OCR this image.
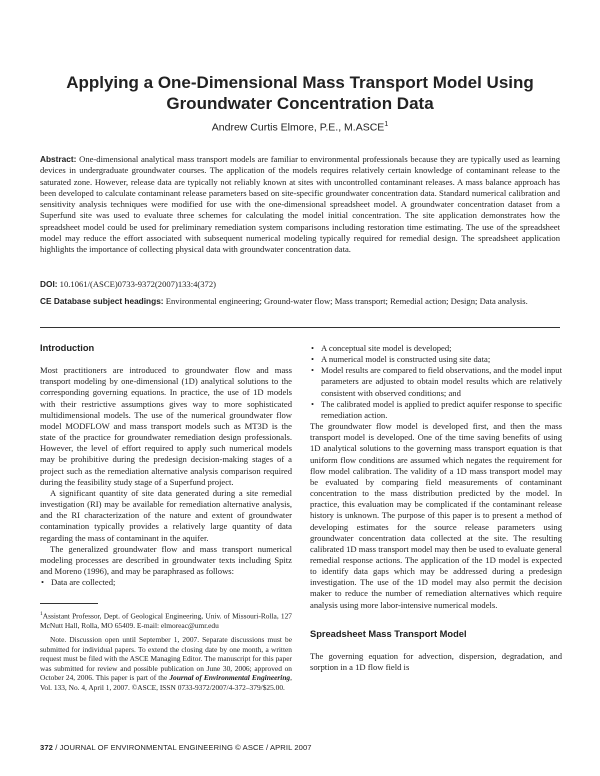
Applying a One-Dimensional Mass Transport Model Using Groundwater Concentration Data
Andrew Curtis Elmore, P.E., M.ASCE$^1$
Abstract: One-dimensional analytical mass transport models are familiar to environmental professionals because they are typically used as learning devices in undergraduate groundwater courses. The application of the models requires relatively certain knowledge of contaminant release to the saturated zone. However, release data are typically not reliably known at sites with uncontrolled contaminant releases. A mass balance approach has been developed to calculate contaminant release parameters based on site-specific groundwater concentration data. Standard numerical calibration and sensitivity analysis techniques were modified for use with the one-dimensional spreadsheet model. A groundwater concentration dataset from a Superfund site was used to evaluate three schemes for calculating the model initial concentration. The site application demonstrates how the spreadsheet model could be used for preliminary remediation system comparisons including restoration time estimating. The use of the spreadsheet model may reduce the effort associated with subsequent numerical modeling typically required for remedial design. The spreadsheet application highlights the importance of collecting physical data with groundwater concentration data.
DOI: 10.1061/(ASCE)0733-9372(2007)133:4(372)
CE Database subject headings: Environmental engineering; Ground-water flow; Mass transport; Remedial action; Design; Data analysis.
Introduction

Most practitioners are introduced to groundwater flow and mass transport modeling by one-dimensional (1D) analytical solutions to the corresponding governing equations. In practice, the use of 1D models with their restrictive assumptions gives way to more sophisticated multidimensional models. The use of the numerical groundwater flow model MODFLOW and mass transport models such as MT3D is the state of the practice for groundwater remediation design professionals. However, the level of effort required to apply such numerical models may be prohibitive during the predesign decision-making stages of a project such as the remediation alternative analysis comparison required during the feasibility study stage of a Superfund project.

A significant quantity of site data generated during a site remedial investigation (RI) may be available for remediation alternative analysis, and the RI characterization of the nature and extent of groundwater contamination typically provides a relatively large quantity of data regarding the mass of contaminant in the aquifer.

The generalized groundwater flow and mass transport numerical modeling processes are described in groundwater texts including Spitz and Moreno (1996), and may be paraphrased as follows:

• Data are collected;

$^1$Assistant Professor, Dept. of Geological Engineering, Univ. of Missouri-Rolla, 127 McNutt Hall, Rolla, MO 65409. E-mail: elmoreac@umr.edu

Note. Discussion open until September 1, 2007. Separate discussions must be submitted for individual papers. To extend the closing date by one month, a written request must be filed with the ASCE Managing Editor. The manuscript for this paper was submitted for review and possible publication on June 30, 2006; approved on October 24, 2006. This paper is part of the Journal of Environmental Engineering, Vol. 133, No. 4, April 1, 2007. ©ASCE, ISSN 0733-9372/2007/4-372–379/$25.00.

• A conceptual site model is developed;
• A numerical model is constructed using site data;
• Model results are compared to field observations, and the model input parameters are adjusted to obtain model results which are relatively consistent with observed conditions; and
• The calibrated model is applied to predict aquifer response to specific remediation action.

The groundwater flow model is developed first, and then the mass transport model is developed. One of the time saving benefits of using 1D analytical solutions to the governing mass transport equation is that uniform flow conditions are assumed which negates the requirement for flow model calibration. The validity of a 1D mass transport model may be evaluated by comparing field measurements of contaminant concentration to the mass distribution predicted by the model. In practice, this evaluation may be complicated if the contaminant release history is unknown. The purpose of this paper is to present a method of developing estimates for the source release parameters using groundwater concentration data collected at the site. The resulting calibrated 1D mass transport model may then be used to evaluate general remedial response actions. The application of the 1D model is expected to identify data gaps which may be addressed during a predesign investigation. The use of the 1D model may also permit the decision maker to reduce the number of remediation alternatives which require analysis using more labor-intensive numerical models.

Spreadsheet Mass Transport Model

The governing equation for advection, dispersion, degradation, and sorption in a 1D flow field is

372 / JOURNAL OF ENVIRONMENTAL ENGINEERING © ASCE / APRIL 2007
